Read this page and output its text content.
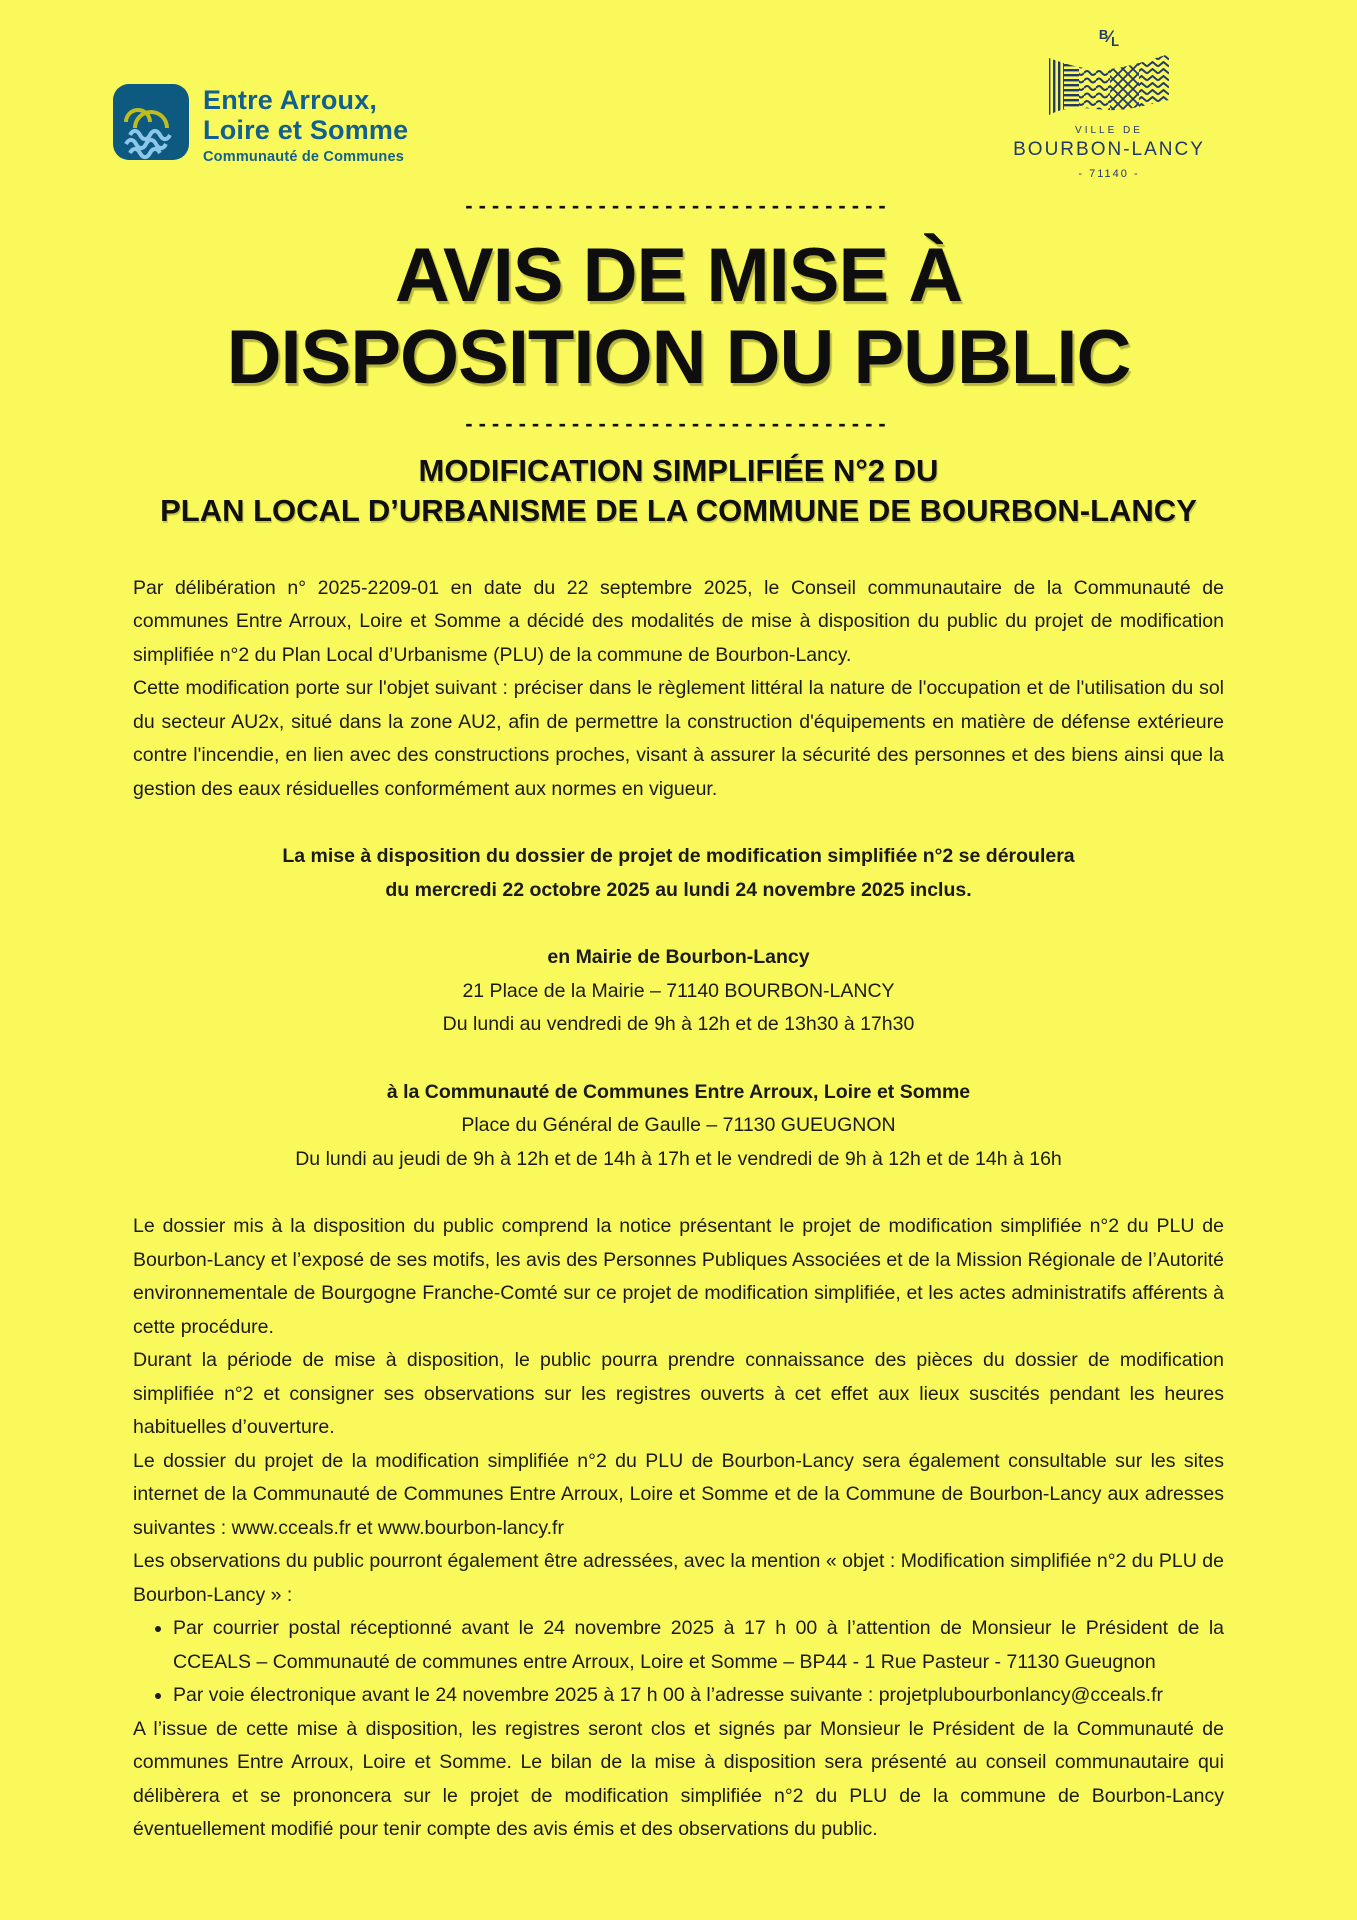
Entre Arroux,
Loire et Somme
Communauté de Communes
B⁄L
VILLE DE
BOURBON-LANCY
- 71140 -
--------------------------------
AVIS DE MISE À
DISPOSITION DU PUBLIC
--------------------------------
MODIFICATION SIMPLIFIÉE N°2 DU
PLAN LOCAL D’URBANISME DE LA COMMUNE DE BOURBON-LANCY

Par délibération n° 2025-2209-01 en date du 22 septembre 2025, le Conseil communautaire de la Communauté de communes Entre Arroux, Loire et Somme a décidé des modalités de mise à disposition du public du projet de modification simplifiée n°2 du Plan Local d’Urbanisme (PLU) de la commune de Bourbon-Lancy.

Cette modification porte sur l'objet suivant : préciser dans le règlement littéral la nature de l'occupation et de l'utilisation du sol du secteur AU2x, situé dans la zone AU2, afin de permettre la construction d'équipements en matière de défense extérieure contre l'incendie, en lien avec des constructions proches, visant à assurer la sécurité des personnes et des biens ainsi que la gestion des eaux résiduelles conformément aux normes en vigueur.

La mise à disposition du dossier de projet de modification simplifiée n°2 se déroulera

du mercredi 22 octobre 2025 au lundi 24 novembre 2025 inclus.

en Mairie de Bourbon-Lancy

21 Place de la Mairie – 71140 BOURBON-LANCY

Du lundi au vendredi de 9h à 12h et de 13h30 à 17h30

à la Communauté de Communes Entre Arroux, Loire et Somme

Place du Général de Gaulle – 71130 GUEUGNON

Du lundi au jeudi de 9h à 12h et de 14h à 17h et le vendredi de 9h à 12h et de 14h à 16h

Le dossier mis à la disposition du public comprend la notice présentant le projet de modification simplifiée n°2 du PLU de Bourbon-Lancy et l’exposé de ses motifs, les avis des Personnes Publiques Associées et de la Mission Régionale de l’Autorité environnementale de Bourgogne Franche-Comté sur ce projet de modification simplifiée, et les actes administratifs afférents à cette procédure.

Durant la période de mise à disposition, le public pourra prendre connaissance des pièces du dossier de modification simplifiée n°2 et consigner ses observations sur les registres ouverts à cet effet aux lieux suscités pendant les heures habituelles d’ouverture.

Le dossier du projet de la modification simplifiée n°2 du PLU de Bourbon-Lancy sera également consultable sur les sites internet de la Communauté de Communes Entre Arroux, Loire et Somme et de la Commune de Bourbon-Lancy aux adresses suivantes : www.cceals.fr et www.bourbon-lancy.fr

Les observations du public pourront également être adressées, avec la mention « objet : Modification simplifiée n°2 du PLU de Bourbon-Lancy » :

• Par courrier postal réceptionné avant le 24 novembre 2025 à 17 h 00 à l’attention de Monsieur le Président de la CCEALS – Communauté de communes entre Arroux, Loire et Somme – BP44 - 1 Rue Pasteur - 71130 Gueugnon
• Par voie électronique avant le 24 novembre 2025 à 17 h 00 à l’adresse suivante : projetplubourbonlancy@cceals.fr

A l’issue de cette mise à disposition, les registres seront clos et signés par Monsieur le Président de la Communauté de communes Entre Arroux, Loire et Somme. Le bilan de la mise à disposition sera présenté au conseil communautaire qui délibèrera et se prononcera sur le projet de modification simplifiée n°2 du PLU de la commune de Bourbon-Lancy éventuellement modifié pour tenir compte des avis émis et des observations du public.
